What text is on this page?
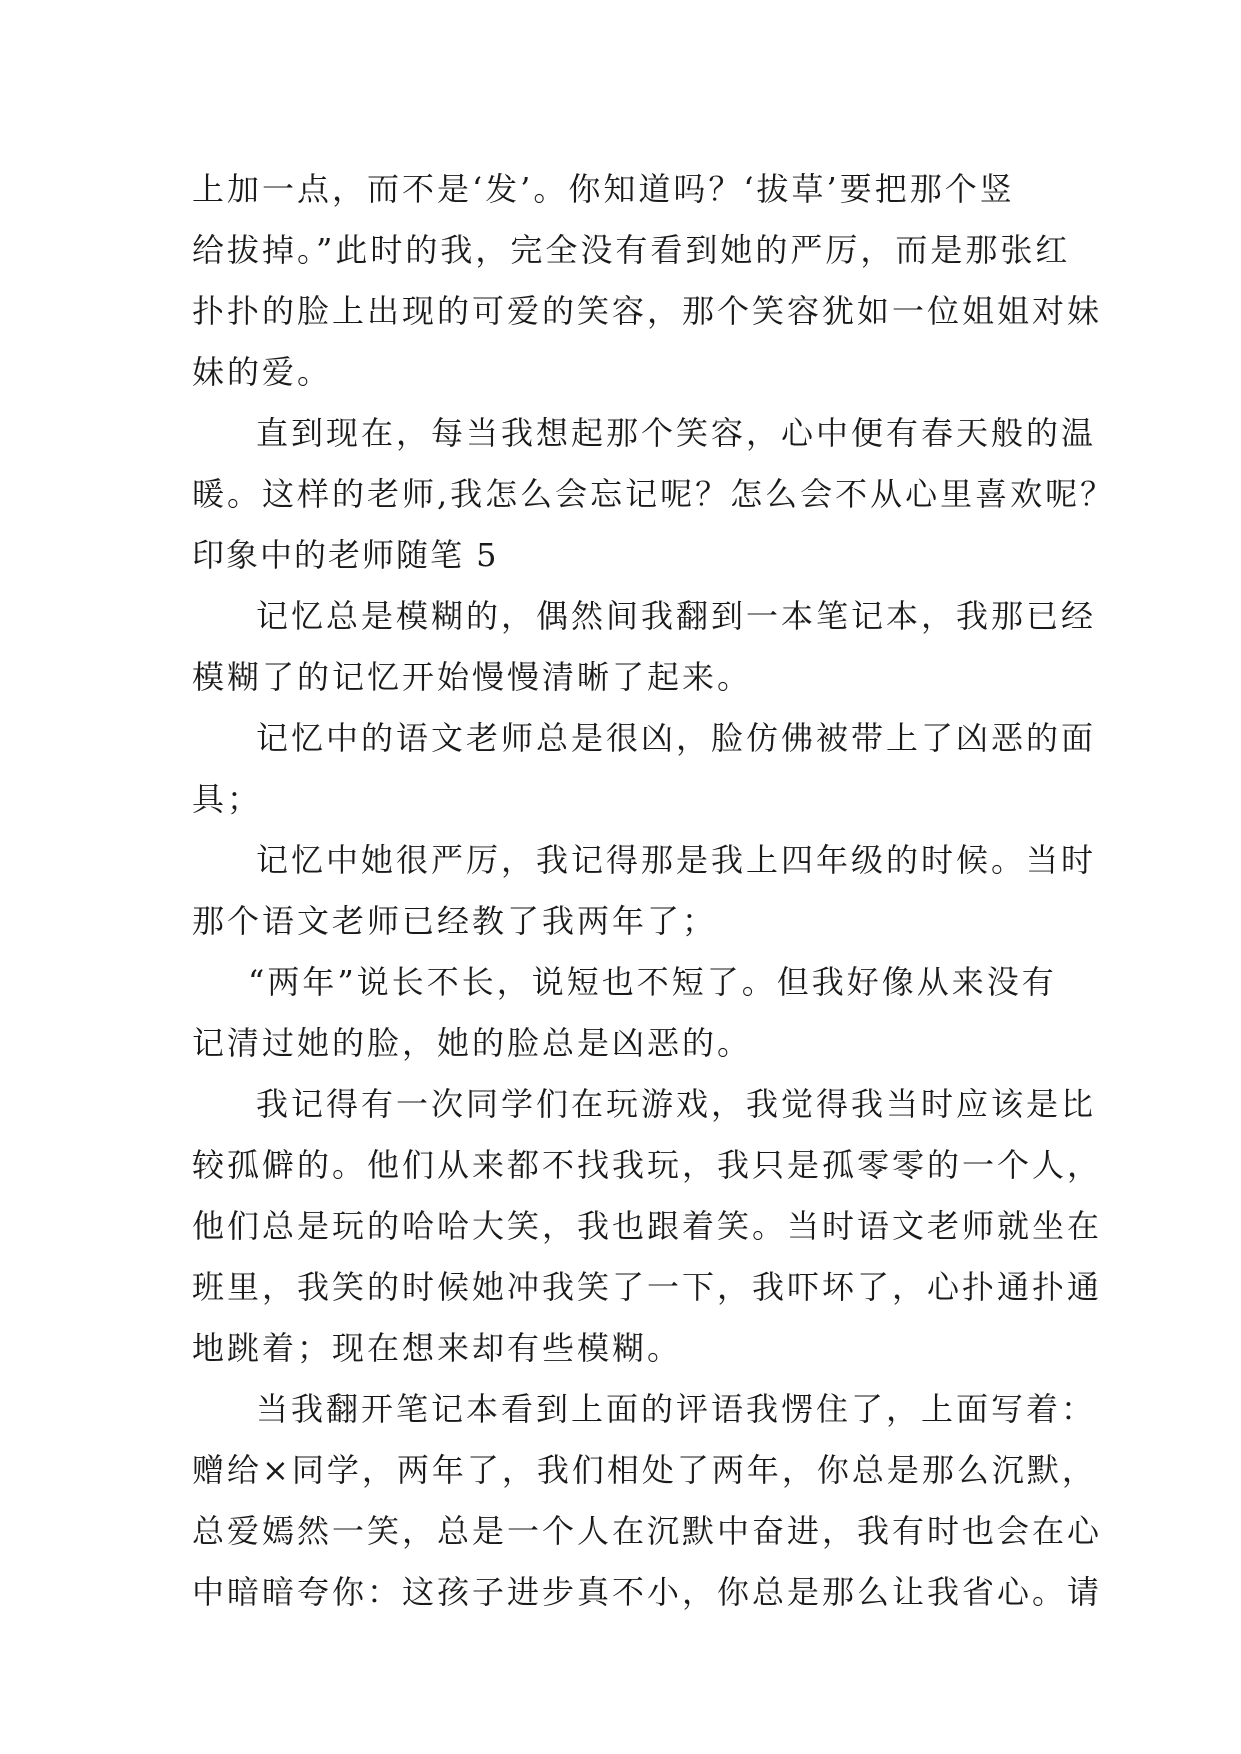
上加一点，而不是‘发’。你知道吗？‘拔草’要把那个竖
给拔掉。”此时的我，完全没有看到她的严厉，而是那张红
扑扑的脸上出现的可爱的笑容，那个笑容犹如一位姐姐对妹
妹的爱。
直到现在，每当我想起那个笑容，心中便有春天般的温
暖。这样的老师,我怎么会忘记呢？怎么会不从心里喜欢呢？
印象中的老师随笔 5
记忆总是模糊的，偶然间我翻到一本笔记本，我那已经
模糊了的记忆开始慢慢清晰了起来。
记忆中的语文老师总是很凶，脸仿佛被带上了凶恶的面
具；
记忆中她很严厉，我记得那是我上四年级的时候。当时
那个语文老师已经教了我两年了；
“两年”说长不长，说短也不短了。但我好像从来没有
记清过她的脸，她的脸总是凶恶的。
我记得有一次同学们在玩游戏，我觉得我当时应该是比
较孤僻的。他们从来都不找我玩，我只是孤零零的一个人，
他们总是玩的哈哈大笑，我也跟着笑。当时语文老师就坐在
班里，我笑的时候她冲我笑了一下，我吓坏了，心扑通扑通
地跳着；现在想来却有些模糊。
当我翻开笔记本看到上面的评语我愣住了，上面写着：
赠给×同学，两年了，我们相处了两年，你总是那么沉默，
总爱嫣然一笑，总是一个人在沉默中奋进，我有时也会在心
中暗暗夸你：这孩子进步真不小，你总是那么让我省心。请
